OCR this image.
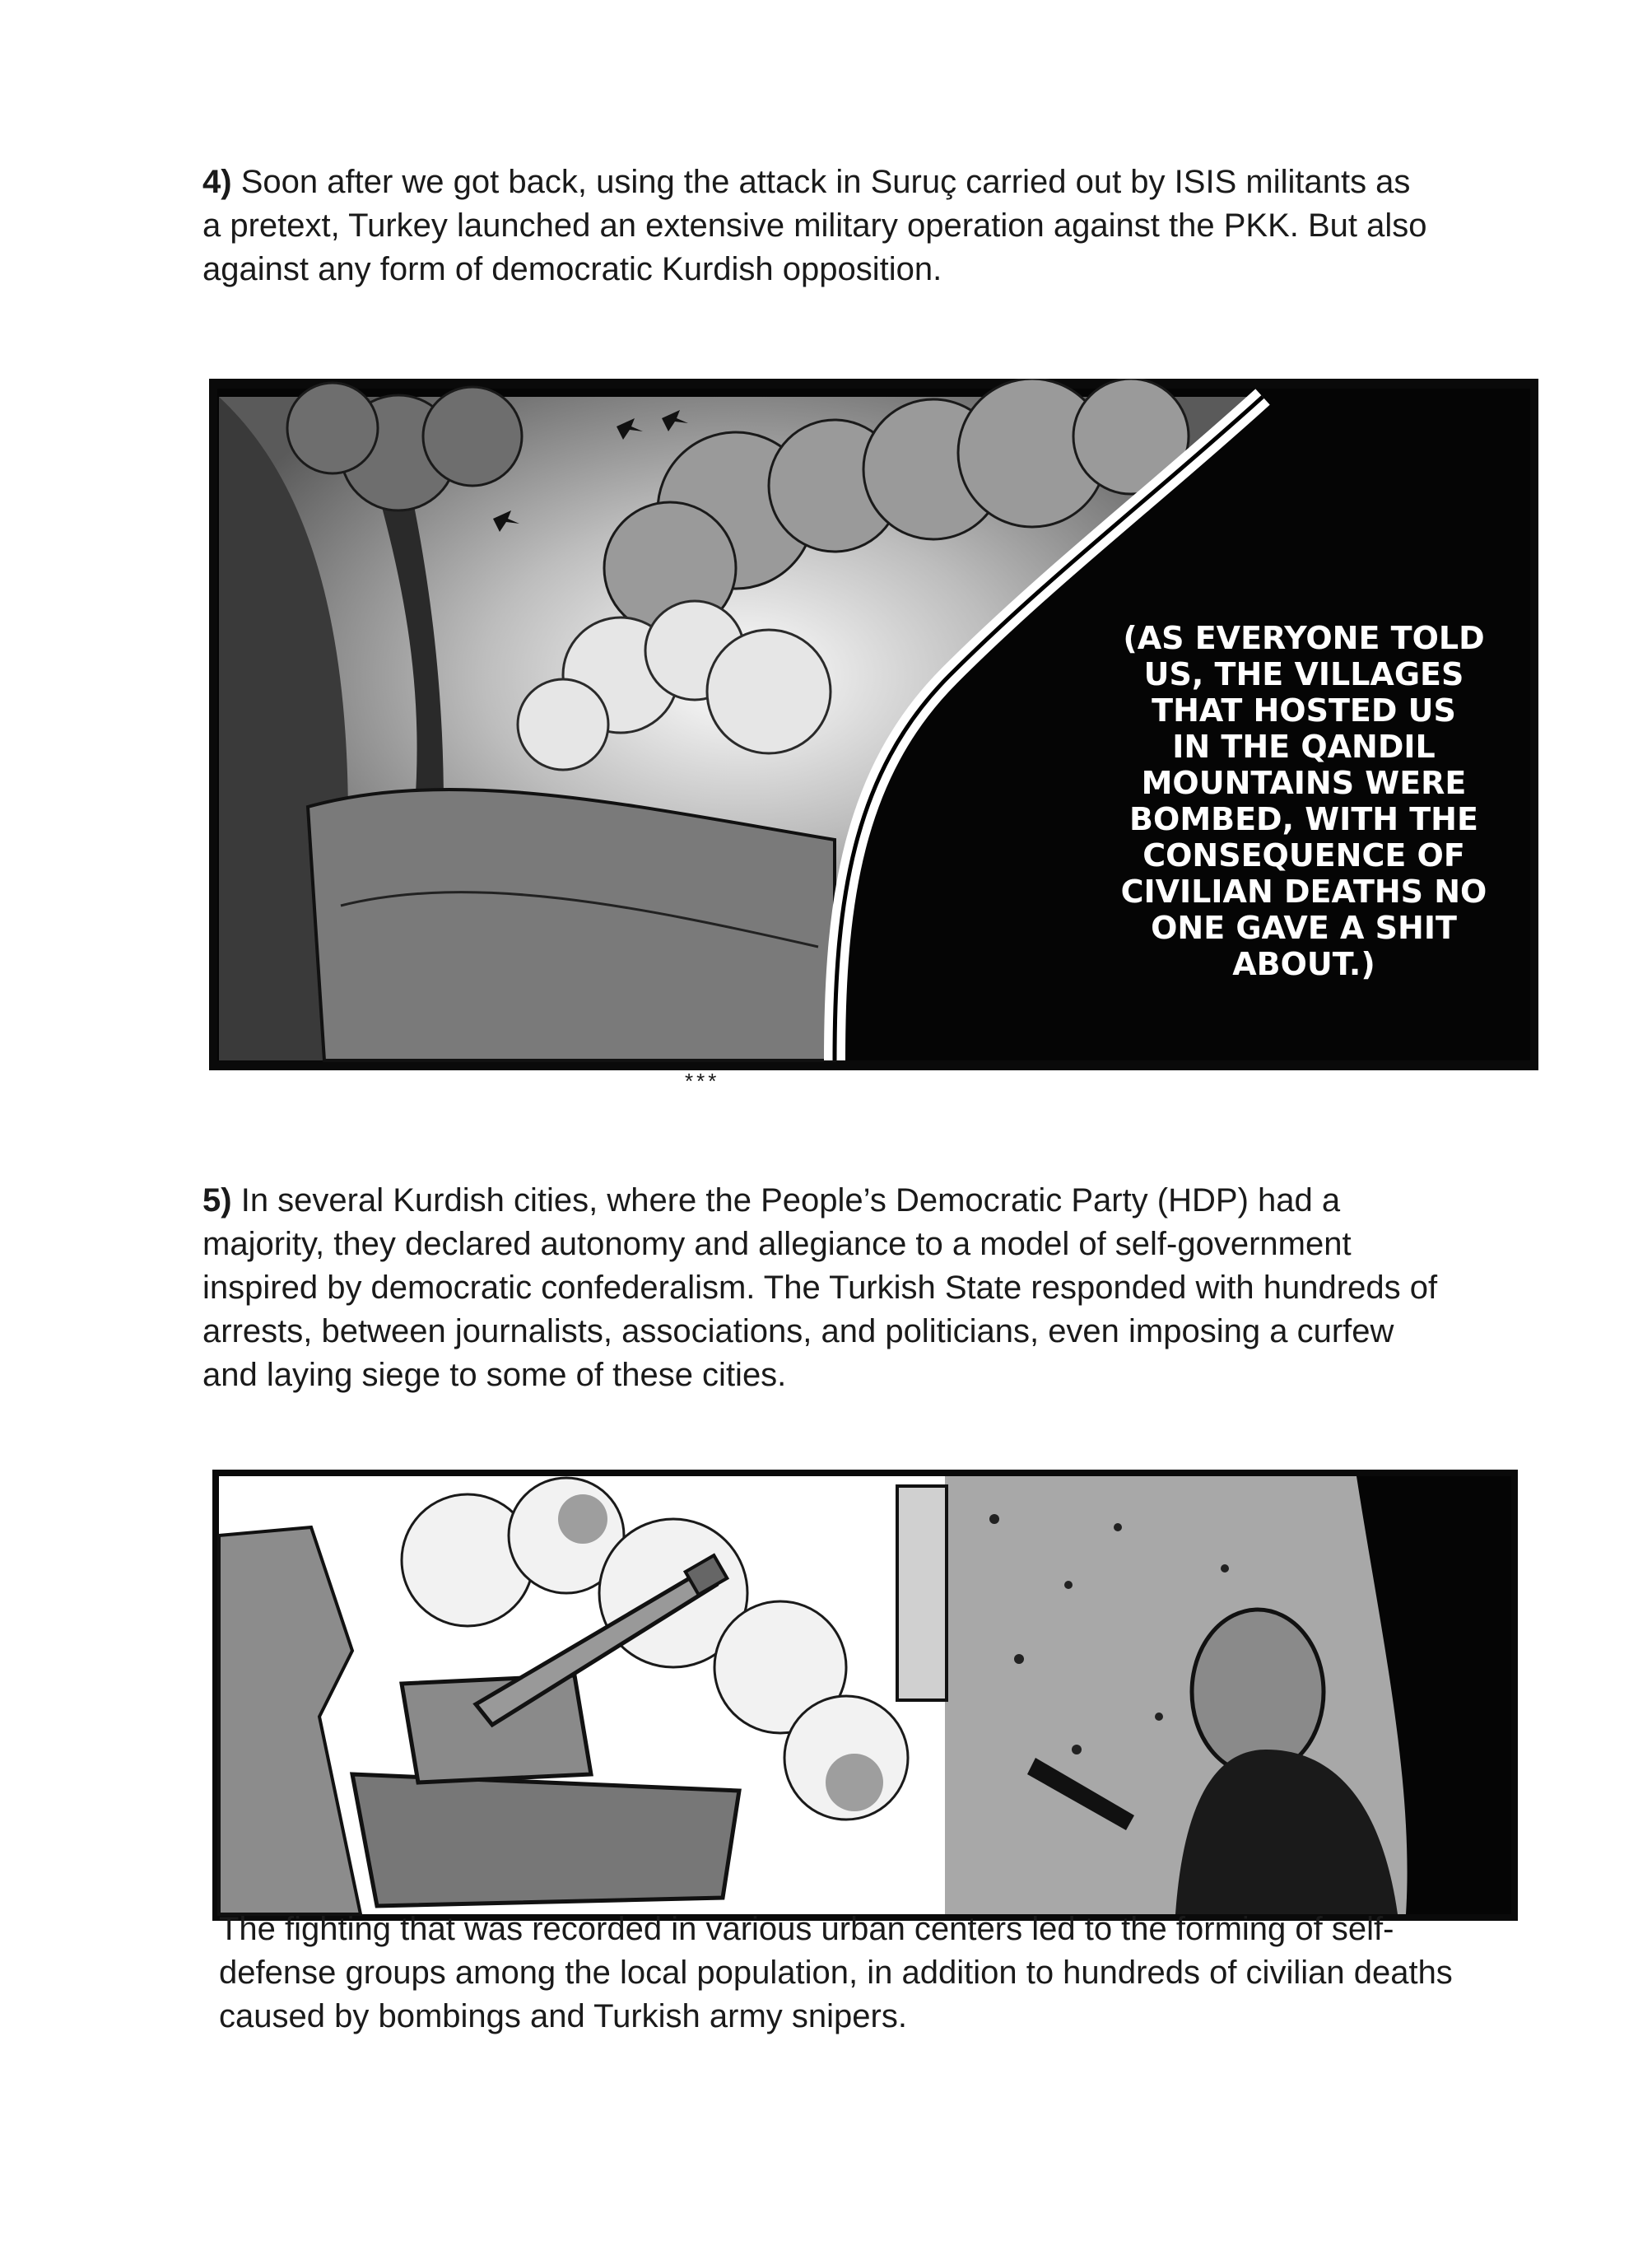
4) Soon after we got back, using the attack in Suruç carried out by ISIS militants as a pretext, Turkey launched an extensive military operation against the PKK. But also against any form of democratic Kurdish opposition.

(AS EVERYONE TOLD
US, THE VILLAGES
THAT HOSTED US
IN THE QANDIL
MOUNTAINS WERE
BOMBED, WITH THE
CONSEQUENCE OF
CIVILIAN DEATHS NO
ONE GAVE A SHIT
ABOUT.)
***

5) In several Kurdish cities, where the People’s Democratic Party (HDP) had a majority, they declared autonomy and allegiance to a model of self-government inspired by democratic confederalism. The Turkish State responded with hundreds of arrests, between journalists, associations, and politicians, even imposing a curfew and laying siege to some of these cities.

The fighting that was recorded in various urban centers led to the forming of self-defense groups among the local population, in addition to hundreds of civilian deaths caused by bombings and Turkish army snipers.
